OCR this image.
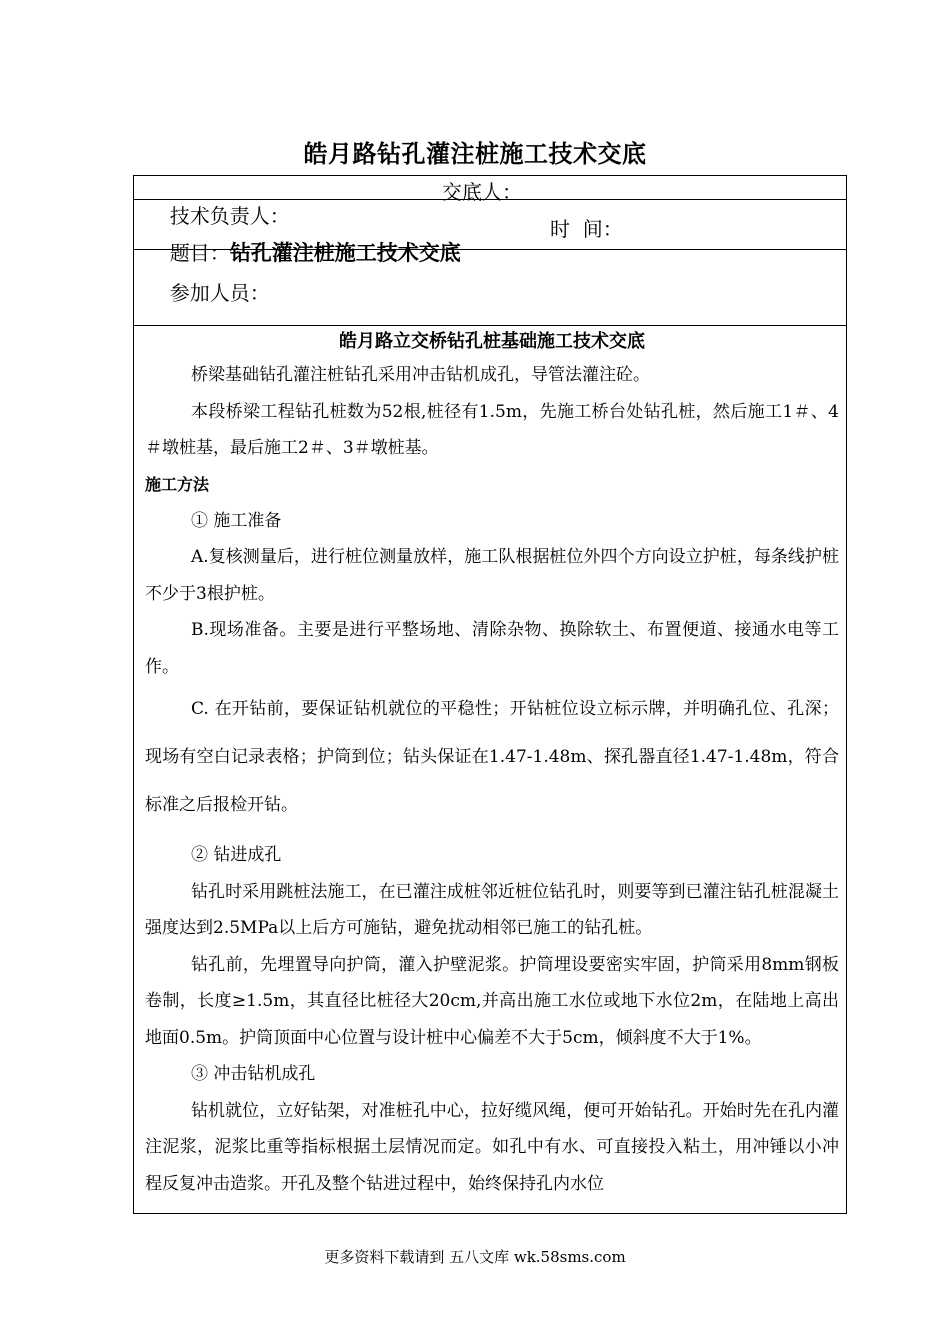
皓月路钻孔灌注桩施工技术交底

技术负责人：

交底人：

题目：钻孔灌注桩施工技术交底

时  间：

参加人员：

皓月路立交桥钻孔桩基础施工技术交底

桥梁基础钻孔灌注桩钻孔采用冲击钻机成孔，导管法灌注砼。

本段桥梁工程钻孔桩数为52根,桩径有1.5m，先施工桥台处钻孔桩，然后施工1＃、4＃墩桩基，最后施工2＃、3＃墩桩基。

施工方法

① 施工准备

A.复核测量后，进行桩位测量放样，施工队根据桩位外四个方向设立护桩，每条线护桩不少于3根护桩。

B.现场准备。主要是进行平整场地、清除杂物、换除软土、布置便道、接通水电等工作。

C. 在开钻前，要保证钻机就位的平稳性；开钻桩位设立标示牌，并明确孔位、孔深；现场有空白记录表格；护筒到位；钻头保证在1.47-1.48m、探孔器直径1.47-1.48m，符合标准之后报检开钻。

② 钻进成孔

钻孔时采用跳桩法施工，在已灌注成桩邻近桩位钻孔时，则要等到已灌注钻孔桩混凝土强度达到2.5MPa以上后方可施钻，避免扰动相邻已施工的钻孔桩。

钻孔前，先埋置导向护筒，灌入护壁泥浆。护筒埋设要密实牢固，护筒采用8mm钢板卷制，长度≥1.5m，其直径比桩径大20cm,并高出施工水位或地下水位2m，在陆地上高出地面0.5m。护筒顶面中心位置与设计桩中心偏差不大于5cm，倾斜度不大于1%。

③ 冲击钻机成孔

钻机就位，立好钻架，对准桩孔中心，拉好缆风绳，便可开始钻孔。开始时先在孔内灌注泥浆，泥浆比重等指标根据土层情况而定。如孔中有水、可直接投入粘土，用冲锤以小冲程反复冲击造浆。开孔及整个钻进过程中，始终保持孔内水位

更多资料下载请到 五八文库 wk.58sms.com
